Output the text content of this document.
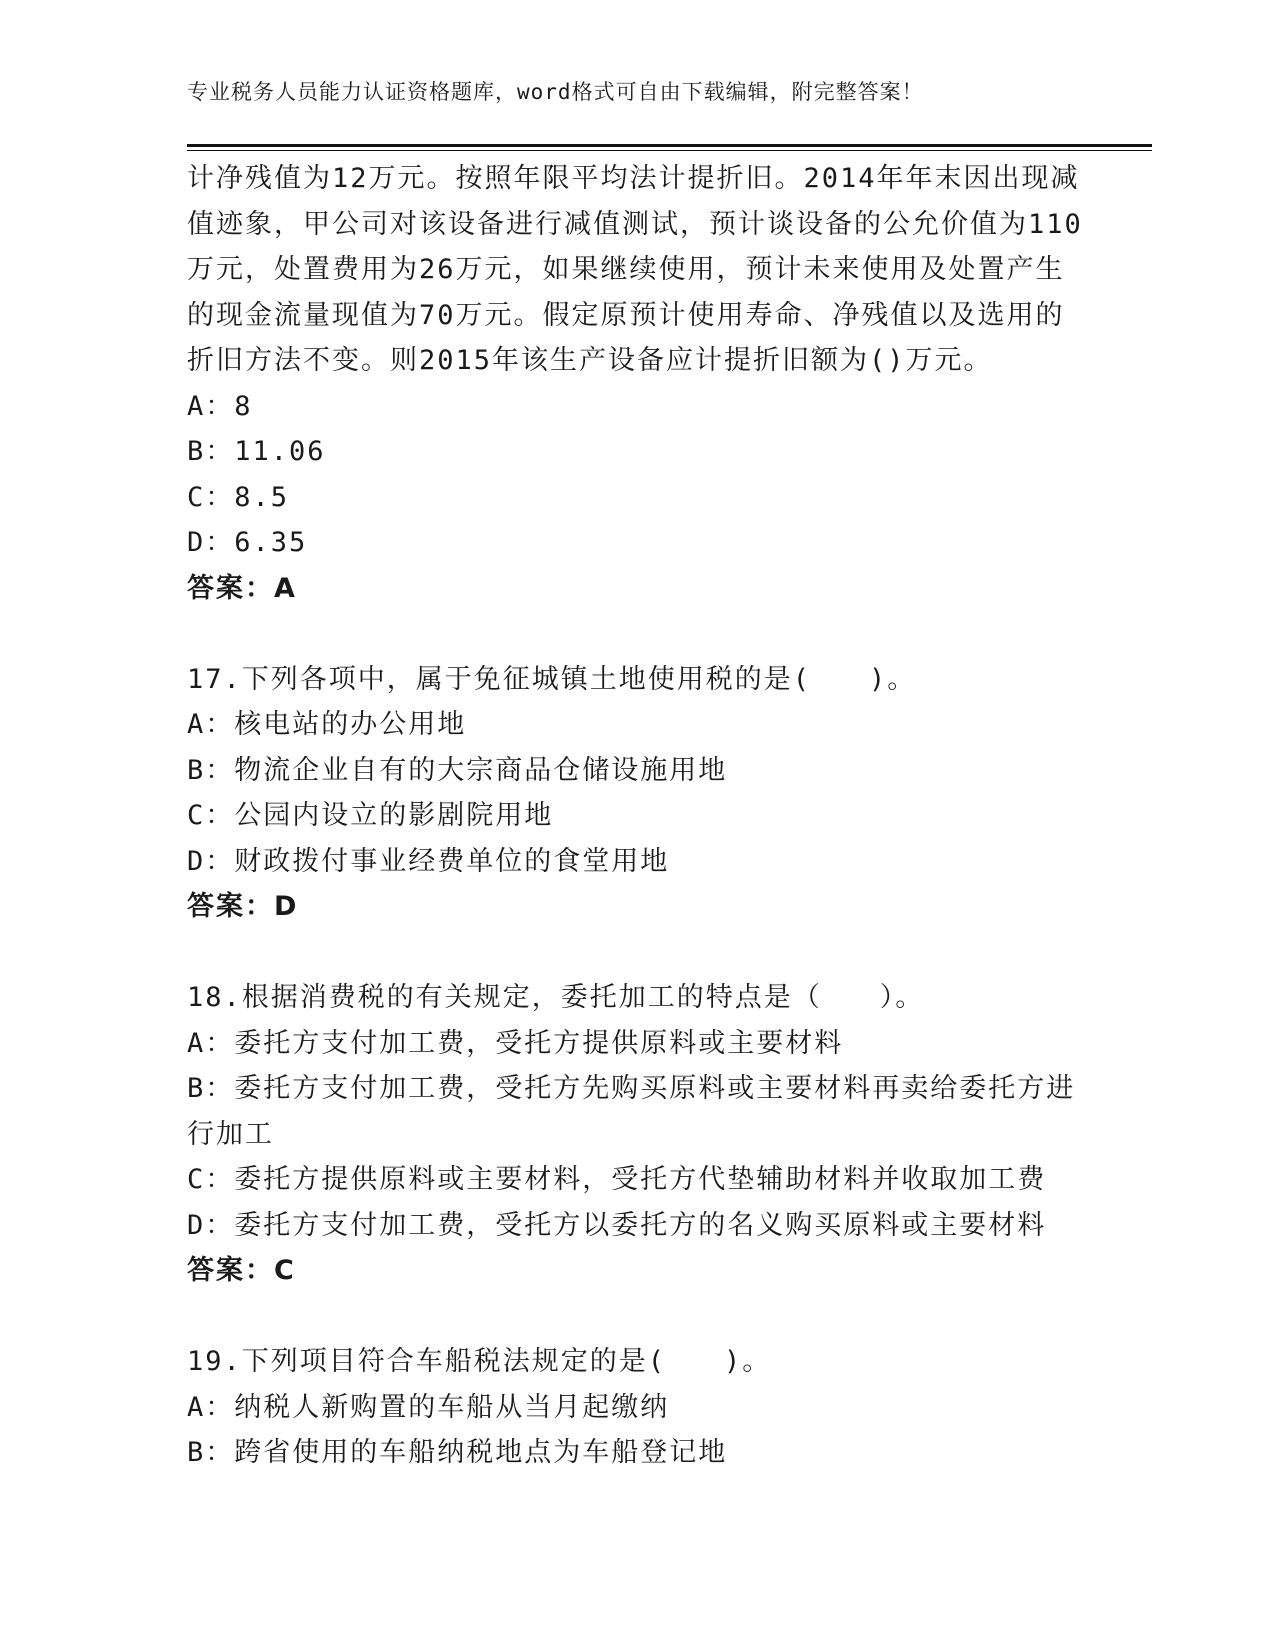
专业税务人员能力认证资格题库，word格式可自由下载编辑，附完整答案！
计净残值为12万元。按照年限平均法计提折旧。2014年年末因出现减
值迹象，甲公司对该设备进行减值测试，预计谈设备的公允价值为110
万元，处置费用为26万元，如果继续使用，预计未来使用及处置产生
的现金流量现值为70万元。假定原预计使用寿命、净残值以及选用的
折旧方法不变。则2015年该生产设备应计提折旧额为()万元。
A：8
B：11.06
C：8.5
D：6.35
答案：A
17.下列各项中，属于免征城镇土地使用税的是(　　)。
A：核电站的办公用地
B：物流企业自有的大宗商品仓储设施用地
C：公园内设立的影剧院用地
D：财政拨付事业经费单位的食堂用地
答案：D
18.根据消费税的有关规定，委托加工的特点是（　　）。
A：委托方支付加工费，受托方提供原料或主要材料
B：委托方支付加工费，受托方先购买原料或主要材料再卖给委托方进
行加工
C：委托方提供原料或主要材料，受托方代垫辅助材料并收取加工费
D：委托方支付加工费，受托方以委托方的名义购买原料或主要材料
答案：C
19.下列项目符合车船税法规定的是(　　)。
A：纳税人新购置的车船从当月起缴纳
B：跨省使用的车船纳税地点为车船登记地
